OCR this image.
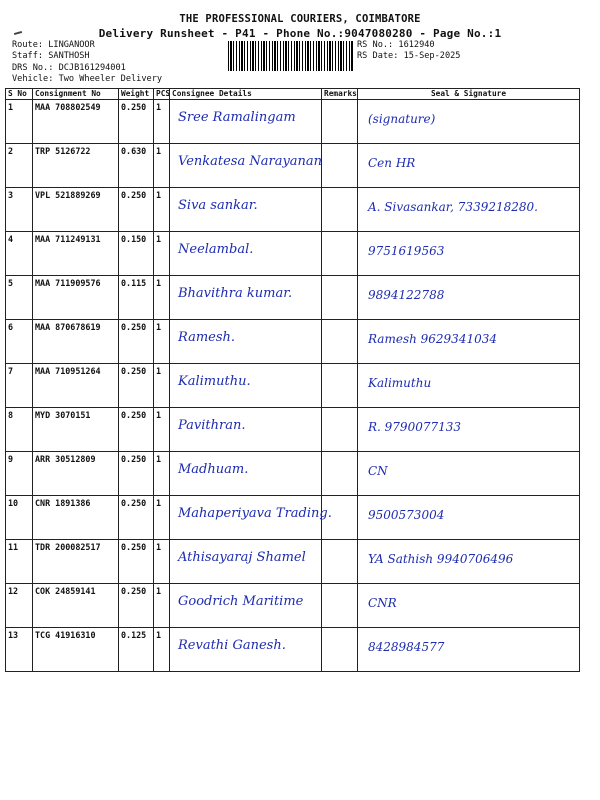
THE PROFESSIONAL COURIERS, COIMBATORE
Delivery Runsheet - P41 - Phone No.:9047080280 - Page No.:1
Route: LINGANOOR
Staff: SANTHOSH
DRS No.: DCJB161294001
Vehicle: Two Wheeler Delivery
RS No.: 1612940
RS Date: 15-Sep-2025
S No	Consignment No	Weight	PCS	Consignee Details	Remarks	Seal & Signature
1	MAA 708802549	0.250	1	Sree Ramalingam		(signature)

2	TRP 5126722	0.630	1	Venkatesa Narayanan		Cen HR

3	VPL 521889269	0.250	1	Siva sankar.		A. Sivasankar, 7339218280.

4	MAA 711249131	0.150	1	Neelambal.		9751619563

5	MAA 711909576	0.115	1	Bhavithra kumar.		9894122788

6	MAA 870678619	0.250	1	Ramesh.		Ramesh 9629341034

7	MAA 710951264	0.250	1	Kalimuthu.		Kalimuthu

8	MYD 3070151	0.250	1	Pavithran.		R. 9790077133

9	ARR 30512809	0.250	1	Madhuam.		CN

10	CNR 1891386	0.250	1	Mahaperiyava Trading.		9500573004

11	TDR 200082517	0.250	1	Athisayaraj Shamel		YA Sathish 9940706496

12	COK 24859141	0.250	1	Goodrich Maritime		CNR

13	TCG 41916310	0.125	1	Revathi Ganesh.		8428984577
